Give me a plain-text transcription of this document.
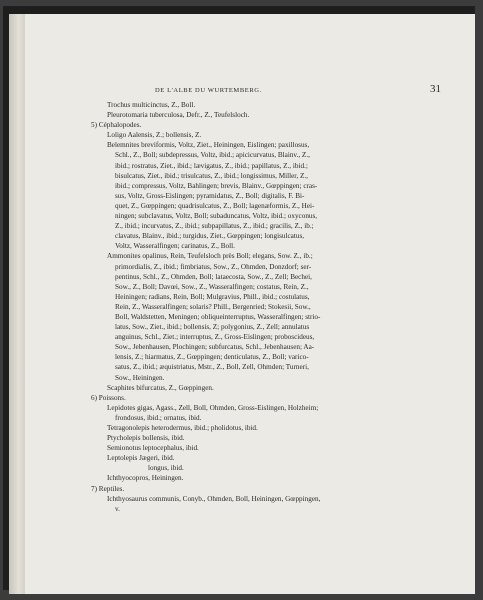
DE L'ALBE DU WURTEMBERG.	31
Trochus multicinctus, Z., Boll.
Pleurotomaria tuberculosa, Defr., Z., Teufelsloch.
5) Céphalopodes.
Loligo Aalensis, Z.; bollensis, Z.
Belemnites breviformis, Voltz, Ziet., Heiningen, Eislingen; paxillosus,
Schl., Z., Boll; subdepressus, Voltz, ibid.; apicicurvatus, Blainv., Z.,
ibid.; rostratus, Ziet., ibid.; lævigatus, Z., ibid.; papillatus, Z., ibid.;
bisulcatus, Ziet., ibid.; trisulcatus, Z., ibid.; longissimus, Miller, Z.,
ibid.; compressus, Voltz, Bahlingen; brevis, Blainv., Gœppingen; cras-
sus, Voltz, Gross-Eislingen; pyramidatus, Z., Boll; digitalis, F. Bi-
quet, Z., Gœppingen; quadrisulcatus, Z., Boll; lagenæformis, Z., Hei-
ningen; subclavatus, Voltz, Boll; subaduncatus, Voltz, ibid.; oxyconus,
Z., ibid.; incurvatus, Z., ibid.; subpapillatus, Z., ibid.; gracilis, Z., ib.;
clavatus, Blainv., ibid.; turgidus, Ziet., Gœppingen; longisulcatus,
Voltz, Wasseralfingen; carinatus, Z., Boll.
Ammonites opalinus, Rein, Teufelsloch près Boll; elegans, Sow. Z., ib.;
primordialis, Z., ibid.; fimbriatus, Sow., Z., Ohmden, Donzdorf; ser-
pentinus, Schl., Z., Ohmden, Boll; lataecosta, Sow., Z., Zell; Bechei,
Sow., Z., Boll; Davœi, Sow., Z., Wasseralfingen; costatus, Rein, Z.,
Heiningen; radians, Rein, Boll; Mulgravius, Phill., ibid.; costulatus,
Rein, Z., Wasseralfingen; solaris? Phill., Bergenried; Stokesii, Sow.,
Boll, Waldstetten, Meningen; obliqueinterruptus, Wasseralfingen; strio-
latus, Sow., Ziet., ibid.; bollensis, Z; polygonius, Z., Zell; annulatus
anguinus, Schl., Ziet.; interruptus, Z., Gross-Eislingen; proboscideus,
Sow., Jebenhausen, Plochingen; subfurcatus, Schl., Jebenhausen; Aa-
lensis, Z.; hiarmatus, Z., Gœppingen; denticulatus, Z., Boll; varico-
satus, Z., ibid.; æquistriatus, Mstr., Z., Boll, Zell, Ohmden; Turneri,
Sow., Heiningen.
Scaphites bifurcatus, Z., Gœppingen.
6) Poissons.
Lepidotes gigas, Agass., Zell, Boll, Ohmden, Gross-Eislingen, Holzheim;
frondosus, ibid.; ornatus, ibid.
Tetragonolepis heterodermus, ibid.; pholidotus, ibid.
Ptycholepis bollensis, ibid.
Semionotus leptocephalus, ibid.
Leptolepis Jægeri, ibid.
longus, ibid.
Ichthyocopros, Heiningen.
7) Reptiles.
Ichthyosaurus communis, Conyb., Ohmden, Boll, Heiningen, Gœppingen,
v.
